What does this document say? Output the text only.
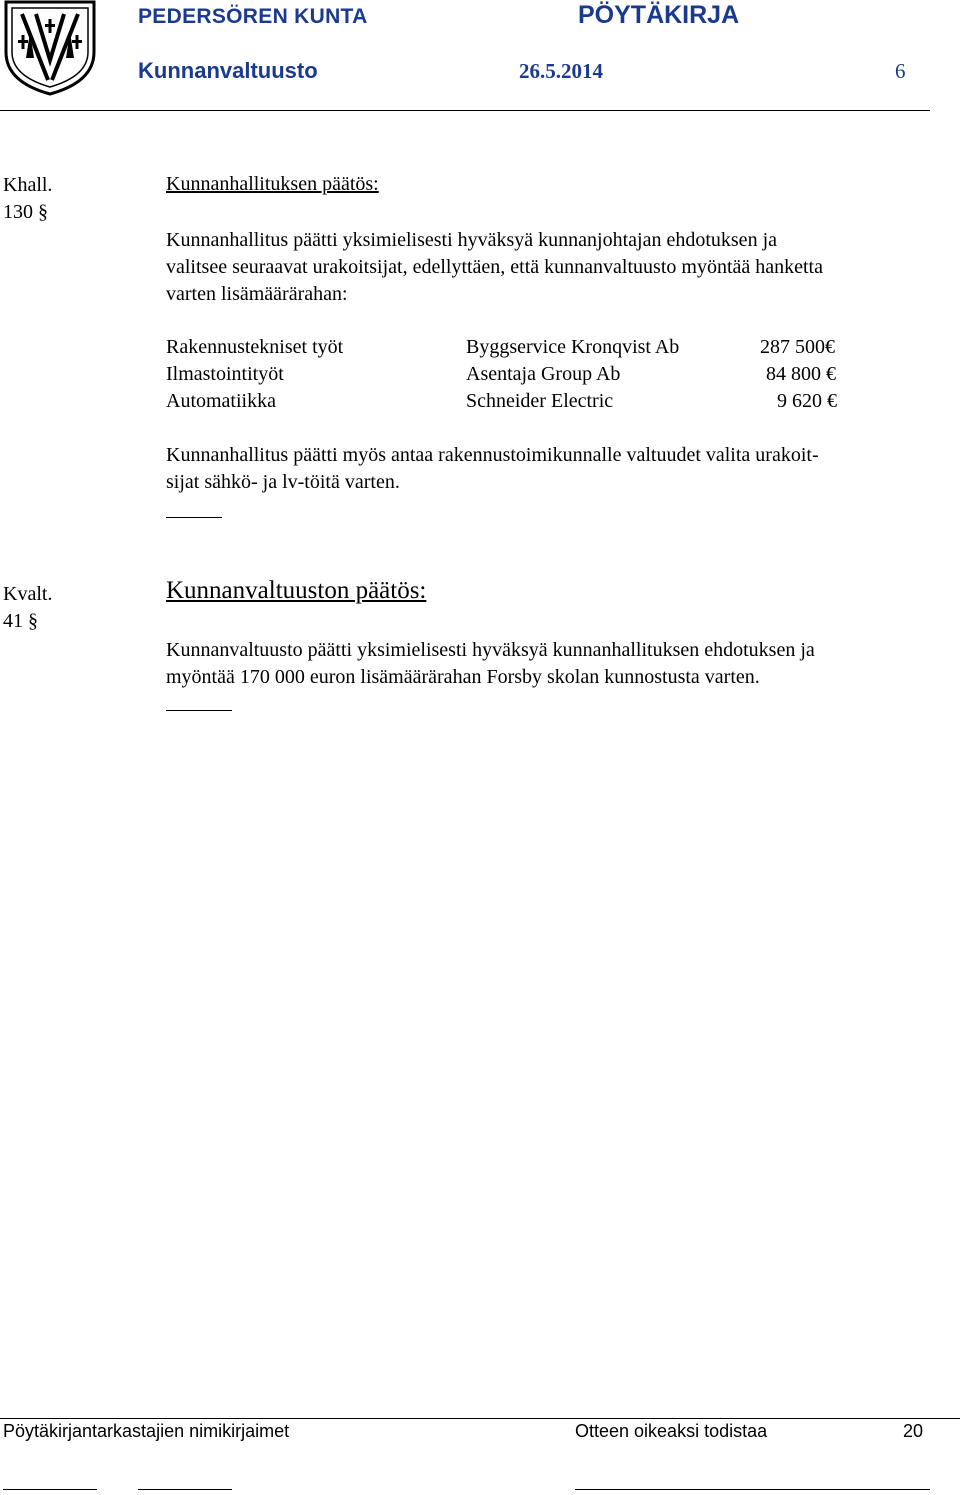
PEDERSÖREN KUNTA	PÖYTÄKIRJA
Kunnanvaltuusto	26.5.2014	6
Khall.
130 §
Kunnanhallituksen päätös:
Kunnanhallitus päätti yksimielisesti hyväksyä kunnanjohtajan ehdotuksen ja
valitsee seuraavat urakoitsijat, edellyttäen, että kunnanvaltuusto myöntää hanketta
varten lisämäärärahan:
Rakennustekniset työt	Byggservice Kronqvist Ab	287 500€
Ilmastointityöt	Asentaja Group Ab	84 800 €
Automatiikka	Schneider Electric	9 620 €
Kunnanhallitus päätti myös antaa rakennustoimikunnalle valtuudet valita urakoit-
sijat sähkö- ja lv-töitä varten.
Kvalt.
41 §
Kunnanvaltuuston päätös:
Kunnanvaltuusto päätti yksimielisesti hyväksyä kunnanhallituksen ehdotuksen ja
myöntää 170 000 euron lisämäärärahan Forsby skolan kunnostusta varten.
Pöytäkirjantarkastajien nimikirjaimet	Otteen oikeaksi todistaa	20
